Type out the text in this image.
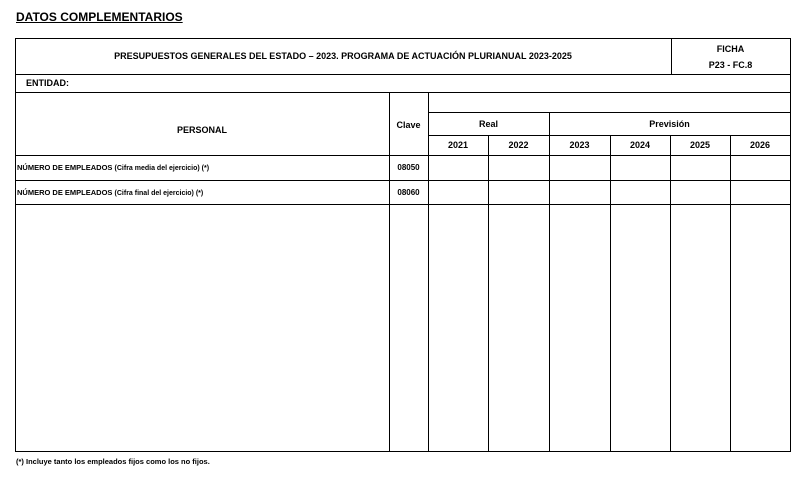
DATOS COMPLEMENTARIOS
PRESUPUESTOS GENERALES DEL ESTADO – 2023. PROGRAMA DE ACTUACIÓN PLURIANUAL 2023-2025
FICHA
P23 - FC.8
ENTIDAD:
PERSONAL	Clave	Real	Previsión
2021	2022	2023	2024	2025	2026
NÚMERO DE EMPLEADOS (Cifra media del ejercicio) (*)	08050
NÚMERO DE EMPLEADOS (Cifra final del ejercicio) (*)	08060
(*) Incluye tanto los empleados fijos como los no fijos.
